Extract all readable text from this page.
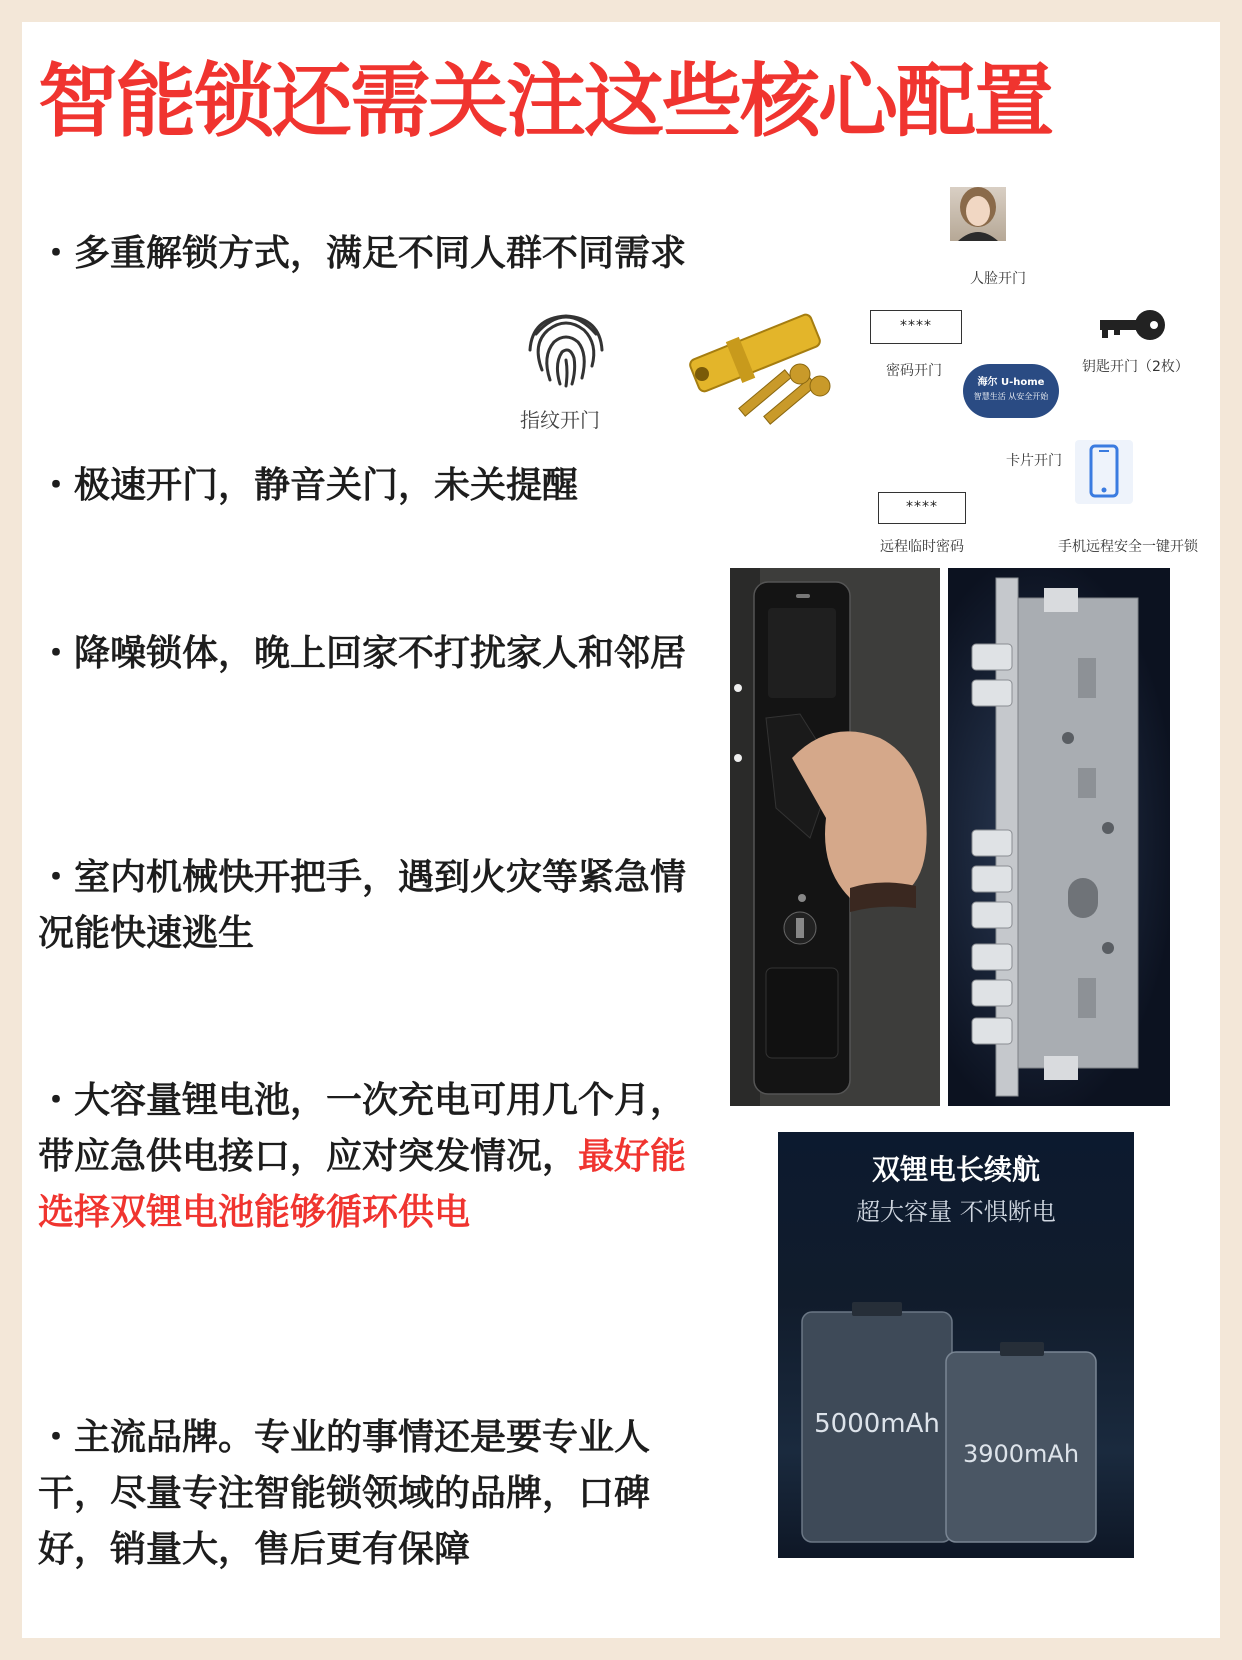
智能锁还需关注这些核心配置
・多重解锁方式，满足不同人群不同需求
・极速开门，静音关门，未关提醒
・降噪锁体，晚上回家不打扰家人和邻居
・室内机械快开把手，遇到火灾等紧急情况能快速逃生
・大容量锂电池，一次充电可用几个月，带应急供电接口，应对突发情况，最好能选择双锂电池能够循环供电
・主流品牌。专业的事情还是要专业人干，尽量专注智能锁领域的品牌，口碑好，销量大，售后更有保障
指纹开门
人脸开门
****
密码开门	钥匙开门（2枚）
海尔 U-home
智慧生活 从安全开始
卡片开门
****
远程临时密码	手机远程安全一键开锁
双锂电长续航
超大容量 不惧断电
5000mAh
3900mAh
